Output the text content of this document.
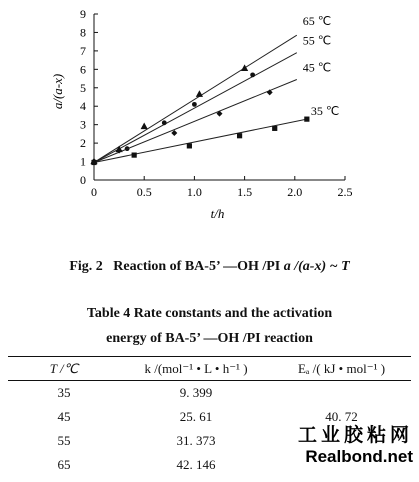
0
1
2
3
4
5
6
7
8
9
0	0.5	1.0	1.5	2.0	2.5
t/h
a/(a-x)
65 ℃
55 ℃
45 ℃
35 ℃
Fig. 2 Reaction of BA-5’ —OH /PI a /(a-x) ~ T
Table 4 Rate constants and the activation
energy of BA-5’ —OH /PI reaction
T /℃	k /(mol⁻¹ • L • h⁻¹ )	Eₐ /( kJ • mol⁻¹ )
35	9. 399	
45	25. 61	40. 72
55	31. 373	
65	42. 146	
工业胶粘网
Realbond.net
